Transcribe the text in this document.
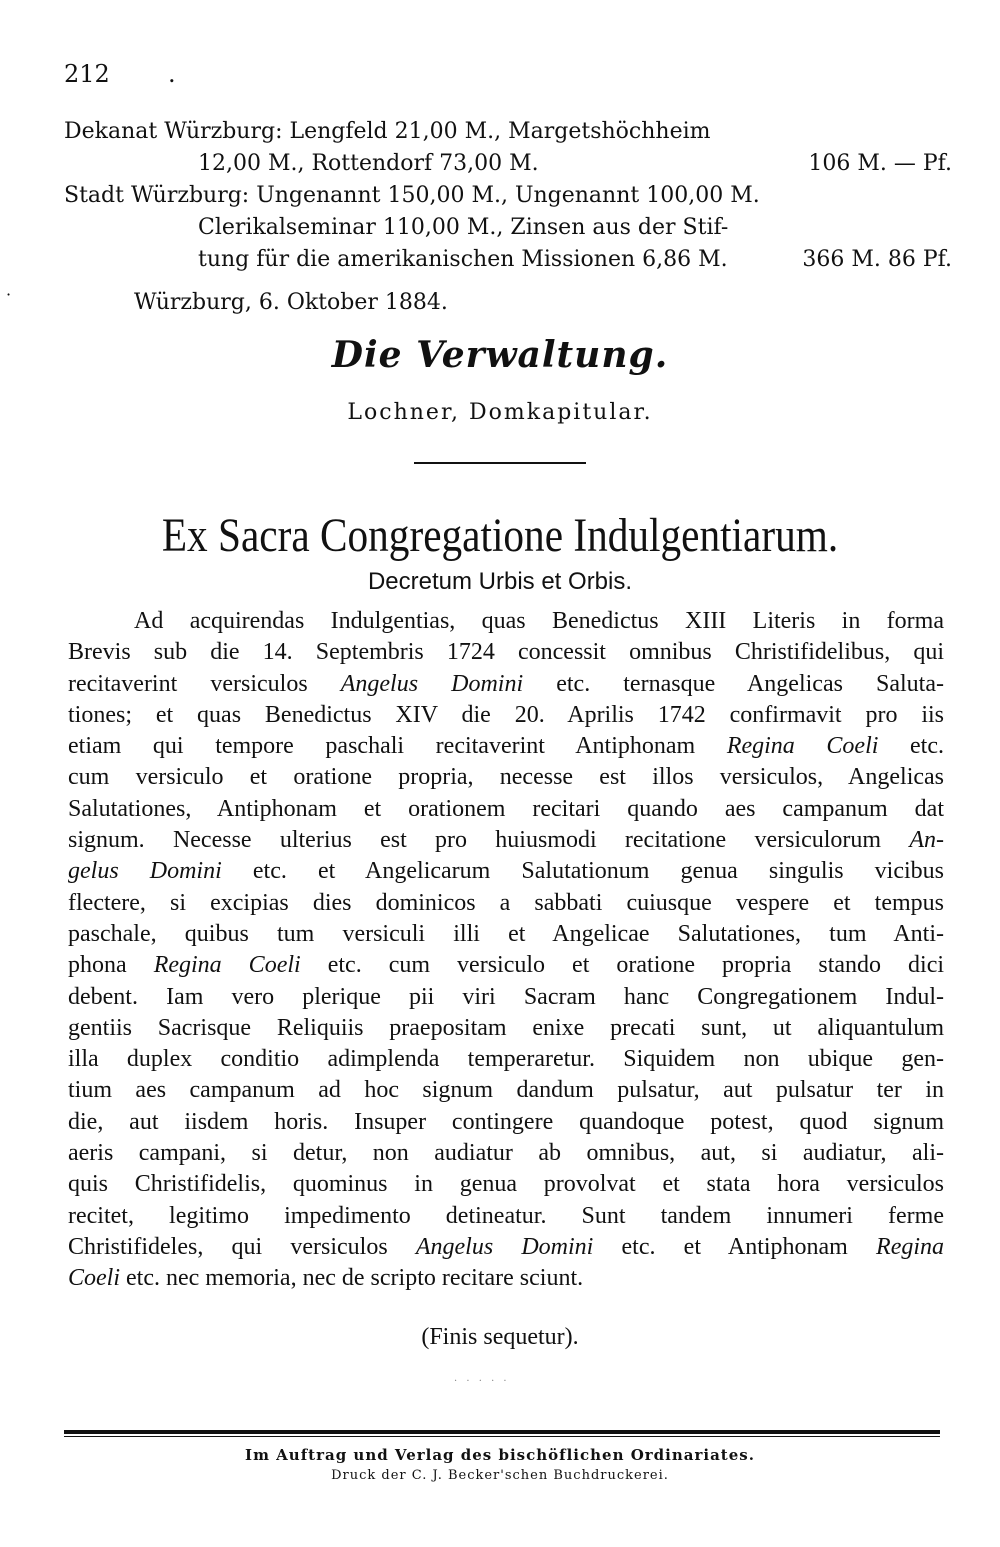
212 .
·
Dekanat Würzburg: Lengfeld 21,00 M., Margetshöchheim
12,00 M., Rottendorf 73,00 M.	106 M. — Pf.
Stadt Würzburg: Ungenannt 150,00 M., Ungenannt 100,00 M.
Clerikalseminar 110,00 M., Zinsen aus der Stif-
tung für die amerikanischen Missionen 6,86 M.	366 M. 86 Pf.
Würzburg, 6. Oktober 1884.
Die Verwaltung.
Lochner, Domkapitular.
Ex Sacra Congregatione Indulgentiarum.
Decretum Urbis et Orbis.
Ad acquirendas Indulgentias, quas Benedictus XIII Literis in forma
Brevis sub die 14. Septembris 1724 concessit omnibus Christifidelibus, qui
recitaverint versiculos Angelus Domini etc. ternasque Angelicas Saluta-
tiones; et quas Benedictus XIV die 20. Aprilis 1742 confirmavit pro iis
etiam qui tempore paschali recitaverint Antiphonam Regina Coeli etc.
cum versiculo et oratione propria, necesse est illos versiculos, Angelicas
Salutationes, Antiphonam et orationem recitari quando aes campanum dat
signum. Necesse ulterius est pro huiusmodi recitatione versiculorum An-
gelus Domini etc. et Angelicarum Salutationum genua singulis vicibus
flectere, si excipias dies dominicos a sabbati cuiusque vespere et tempus
paschale, quibus tum versiculi illi et Angelicae Salutationes, tum Anti-
phona Regina Coeli etc. cum versiculo et oratione propria stando dici
debent. Iam vero plerique pii viri Sacram hanc Congregationem Indul-
gentiis Sacrisque Reliquiis praepositam enixe precati sunt, ut aliquantulum
illa duplex conditio adimplenda temperaretur. Siquidem non ubique gen-
tium aes campanum ad hoc signum dandum pulsatur, aut pulsatur ter in
die, aut iisdem horis. Insuper contingere quandoque potest, quod signum
aeris campani, si detur, non audiatur ab omnibus, aut, si audiatur, ali-
quis Christifidelis, quominus in genua provolvat et stata hora versiculos
recitet, legitimo impedimento detineatur. Sunt tandem innumeri ferme
Christifideles, qui versiculos Angelus Domini etc. et Antiphonam Regina
Coeli etc. nec memoria, nec de scripto recitare sciunt.
(Finis sequetur).
· · · · ·
Im Auftrag und Verlag des bischöflichen Ordinariates.
Druck der C. J. Becker'schen Buchdruckerei.
